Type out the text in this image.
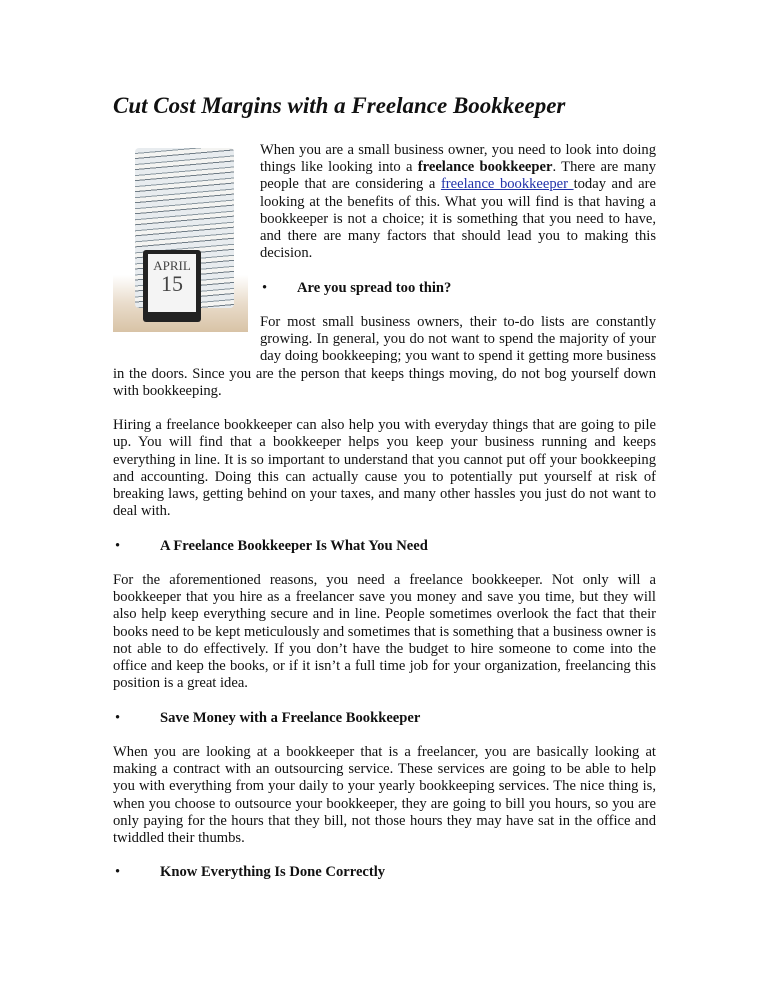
Cut Cost Margins with a Freelance Bookkeeper
APRIL
15

When you are a small business owner, you need to look into doing things like looking into a freelance bookkeeper. There are many people that are considering a freelance bookkeeper today and are looking at the benefits of this. What you will find is that having a bookkeeper is not a choice; it is something that you need to have, and there are many factors that should lead you to making this decision.

•	Are you spread too thin?

For most small business owners, their to-do lists are constantly growing. In general, you do not want to spend the majority of your day doing bookkeeping; you want to spend it getting more business in the doors. Since you are the person that keeps things moving, do not bog yourself down with bookkeeping.

Hiring a freelance bookkeeper can also help you with everyday things that are going to pile up. You will find that a bookkeeper helps you keep your business running and keeps everything in line. It is so important to understand that you cannot put off your bookkeeping and accounting. Doing this can actually cause you to potentially put yourself at risk of breaking laws, getting behind on your taxes, and many other hassles you just do not want to deal with.

•	A Freelance Bookkeeper Is What You Need

For the aforementioned reasons, you need a freelance bookkeeper. Not only will a bookkeeper that you hire as a freelancer save you money and save you time, but they will also help keep everything secure and in line. People sometimes overlook the fact that their books need to be kept meticulously and sometimes that is something that a business owner is not able to do effectively. If you don’t have the budget to hire someone to come into the office and keep the books, or if it isn’t a full time job for your organization, freelancing this position is a great idea.

•	Save Money with a Freelance Bookkeeper

When you are looking at a bookkeeper that is a freelancer, you are basically looking at making a contract with an outsourcing service. These services are going to be able to help you with everything from your daily to your yearly bookkeeping services. The nice thing is, when you choose to outsource your bookkeeper, they are going to bill you hours, so you are only paying for the hours that they bill, not those hours they may have sat in the office and twiddled their thumbs.

•	Know Everything Is Done Correctly
